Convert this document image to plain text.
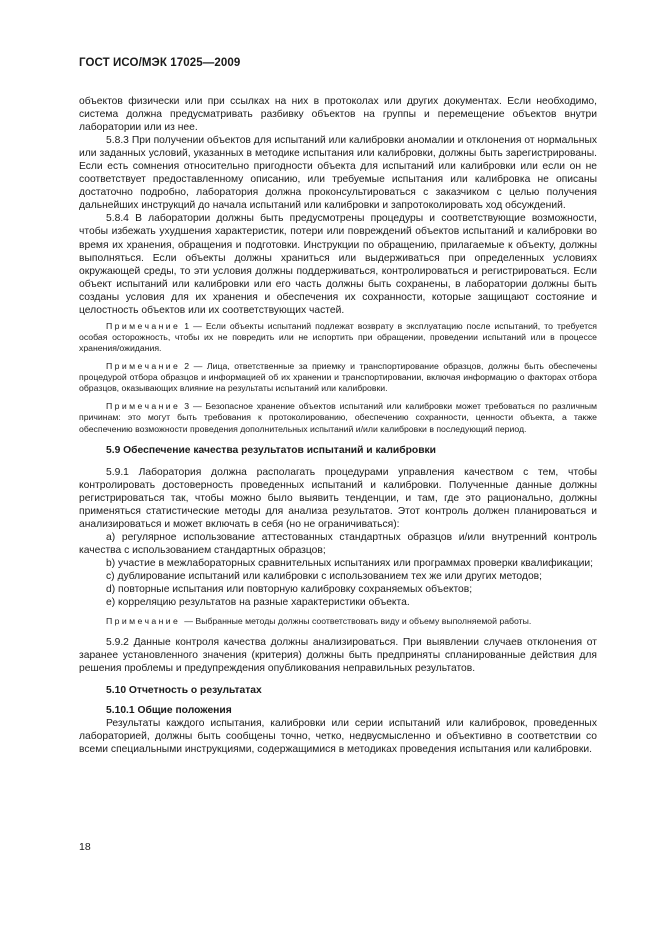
ГОСТ ИСО/МЭК 17025—2009

объектов физически или при ссылках на них в протоколах или других документах. Если необходимо, система должна предусматривать разбивку объектов на группы и перемещение объектов внутри лаборатории или из нее.

5.8.3 При получении объектов для испытаний или калибровки аномалии и отклонения от нормальных или заданных условий, указанных в методике испытания или калибровки, должны быть зарегистрированы. Если есть сомнения относительно пригодности объекта для испытаний или калибровки или если он не соответствует предоставленному описанию, или требуемые испытания или калибровка не описаны достаточно подробно, лаборатория должна проконсультироваться с заказчиком с целью получения дальнейших инструкций до начала испытаний или калибровки и запротоколировать ход обсуждений.

5.8.4 В лаборатории должны быть предусмотрены процедуры и соответствующие возможности, чтобы избежать ухудшения характеристик, потери или повреждений объектов испытаний и калибровки во время их хранения, обращения и подготовки. Инструкции по обращению, прилагаемые к объекту, должны выполняться. Если объекты должны храниться или выдерживаться при определенных условиях окружающей среды, то эти условия должны поддерживаться, контролироваться и регистрироваться. Если объект испытаний или калибровки или его часть должны быть сохранены, в лаборатории должны быть созданы условия для их хранения и обеспечения их сохранности, которые защищают состояние и целостность объектов или их соответствующих частей.

Примечание 1 — Если объекты испытаний подлежат возврату в эксплуатацию после испытаний, то требуется особая осторожность, чтобы их не повредить или не испортить при обращении, проведении испытаний или в процессе хранения/ожидания.

Примечание 2 — Лица, ответственные за приемку и транспортирование образцов, должны быть обеспечены процедурой отбора образцов и информацией об их хранении и транспортировании, включая информацию о факторах отбора образцов, оказывающих влияние на результаты испытаний или калибровки.

Примечание 3 — Безопасное хранение объектов испытаний или калибровки может требоваться по различным причинам: это могут быть требования к протоколированию, обеспечению сохранности, ценности объекта, а также обеспечению возможности проведения дополнительных испытаний и/или калибровки в последующий период.

5.9 Обеспечение качества результатов испытаний и калибровки

5.9.1 Лаборатория должна располагать процедурами управления качеством с тем, чтобы контролировать достоверность проведенных испытаний и калибровки. Полученные данные должны регистрироваться так, чтобы можно было выявить тенденции, и там, где это рационально, должны применяться статистические методы для анализа результатов. Этот контроль должен планироваться и анализироваться и может включать в себя (но не ограничиваться):

a) регулярное использование аттестованных стандартных образцов и/или внутренний контроль качества с использованием стандартных образцов;

b) участие в межлабораторных сравнительных испытаниях или программах проверки квалификации;

c) дублирование испытаний или калибровки с использованием тех же или других методов;

d) повторные испытания или повторную калибровку сохраняемых объектов;

e) корреляцию результатов на разные характеристики объекта.

Примечание — Выбранные методы должны соответствовать виду и объему выполняемой работы.

5.9.2 Данные контроля качества должны анализироваться. При выявлении случаев отклонения от заранее установленного значения (критерия) должны быть предприняты спланированные действия для решения проблемы и предупреждения опубликования неправильных результатов.

5.10 Отчетность о результатах

5.10.1 Общие положения

Результаты каждого испытания, калибровки или серии испытаний или калибровок, проведенных лабораторией, должны быть сообщены точно, четко, недвусмысленно и объективно в соответствии со всеми специальными инструкциями, содержащимися в методиках проведения испытания или калибровки.

18
